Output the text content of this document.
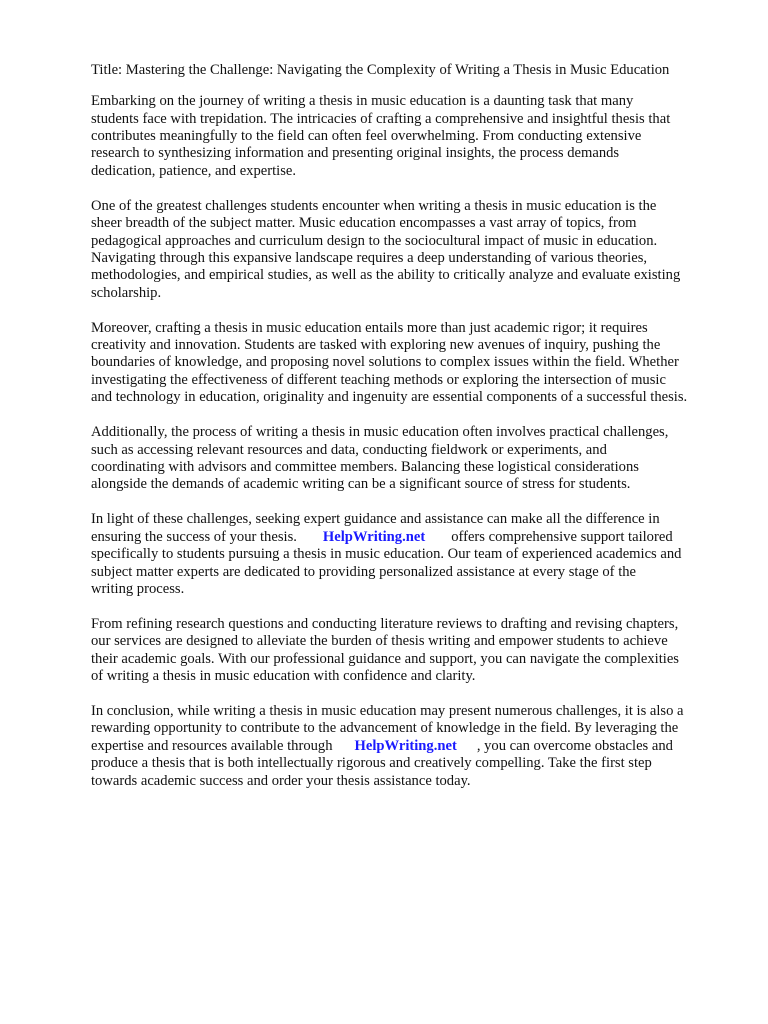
Title: Mastering the Challenge: Navigating the Complexity of Writing a Thesis in Music Education

Embarking on the journey of writing a thesis in music education is a daunting task that many
students face with trepidation. The intricacies of crafting a comprehensive and insightful thesis that
contributes meaningfully to the field can often feel overwhelming. From conducting extensive
research to synthesizing information and presenting original insights, the process demands
dedication, patience, and expertise.

One of the greatest challenges students encounter when writing a thesis in music education is the
sheer breadth of the subject matter. Music education encompasses a vast array of topics, from
pedagogical approaches and curriculum design to the sociocultural impact of music in education.
Navigating through this expansive landscape requires a deep understanding of various theories,
methodologies, and empirical studies, as well as the ability to critically analyze and evaluate existing
scholarship.

Moreover, crafting a thesis in music education entails more than just academic rigor; it requires
creativity and innovation. Students are tasked with exploring new avenues of inquiry, pushing the
boundaries of knowledge, and proposing novel solutions to complex issues within the field. Whether
investigating the effectiveness of different teaching methods or exploring the intersection of music
and technology in education, originality and ingenuity are essential components of a successful thesis.

Additionally, the process of writing a thesis in music education often involves practical challenges,
such as accessing relevant resources and data, conducting fieldwork or experiments, and
coordinating with advisors and committee members. Balancing these logistical considerations
alongside the demands of academic writing can be a significant source of stress for students.

In light of these challenges, seeking expert guidance and assistance can make all the difference in
ensuring the success of your thesis. HelpWriting.net offers comprehensive support tailored
specifically to students pursuing a thesis in music education. Our team of experienced academics and
subject matter experts are dedicated to providing personalized assistance at every stage of the
writing process.

From refining research questions and conducting literature reviews to drafting and revising chapters,
our services are designed to alleviate the burden of thesis writing and empower students to achieve
their academic goals. With our professional guidance and support, you can navigate the complexities
of writing a thesis in music education with confidence and clarity.

In conclusion, while writing a thesis in music education may present numerous challenges, it is also a
rewarding opportunity to contribute to the advancement of knowledge in the field. By leveraging the
expertise and resources available through HelpWriting.net , you can overcome obstacles and
produce a thesis that is both intellectually rigorous and creatively compelling. Take the first step
towards academic success and order your thesis assistance today.
